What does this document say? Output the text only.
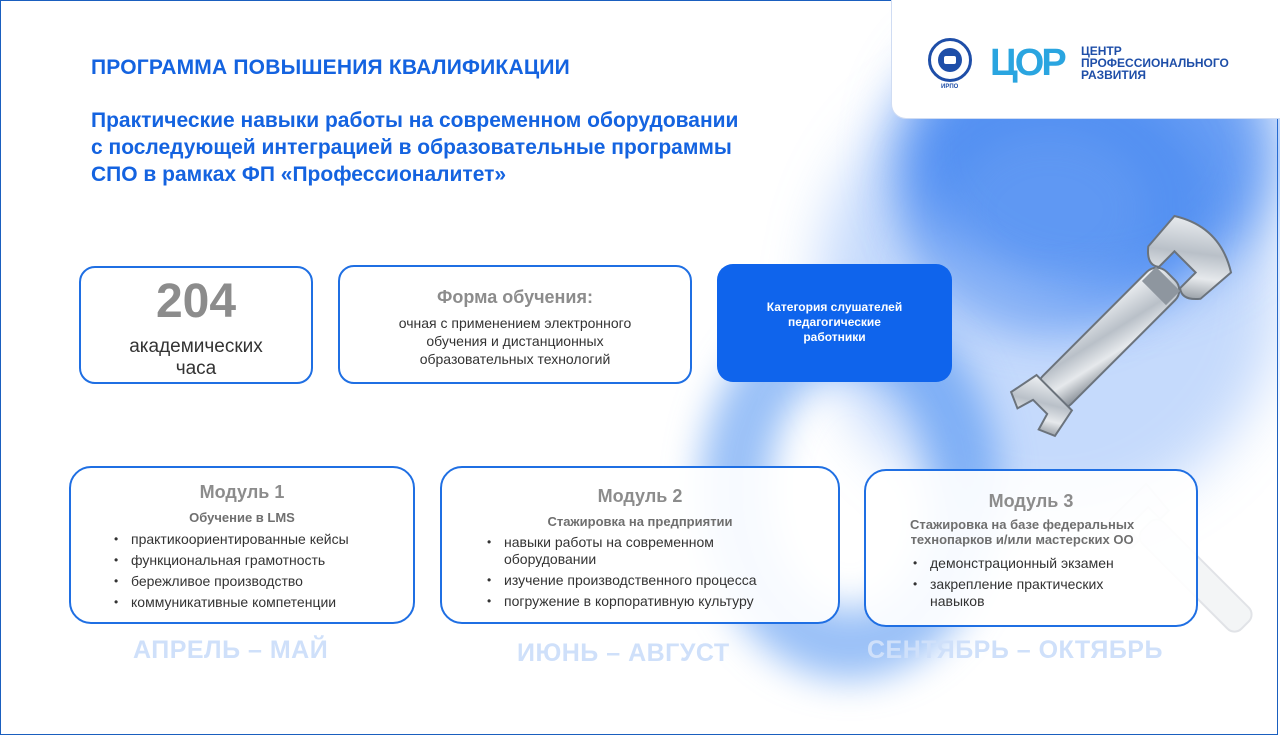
ИРПО
ЦОР ЦЕНТР
ПРОФЕССИОНАЛЬНОГО
РАЗВИТИЯ
ПРОГРАММА ПОВЫШЕНИЯ КВАЛИФИКАЦИИ
Практические навыки работы на современном оборудовании
с последующей интеграцией в образовательные программы
СПО в рамках ФП «Профессионалитет»
204
академических
часа
Форма обучения:
очная с применением электронного
обучения и дистанционных
образовательных технологий
Категория слушателей
педагогические
работники
Модуль 1
Обучение в LMS
• практикоориентированные кейсы
• функциональная грамотность
• бережливое производство
• коммуникативные компетенции
АПРЕЛЬ – МАЙ
Модуль 2
Стажировка на предприятии
• навыки работы на современном оборудовании
• изучение производственного процесса
• погружение в корпоративную культуру
ИЮНЬ – АВГУСТ
Модуль 3
Стажировка на базе федеральных
технопарков и/или мастерских ОО
• демонстрационный экзамен
• закрепление практических навыков
СЕНТЯБРЬ – ОКТЯБРЬ
